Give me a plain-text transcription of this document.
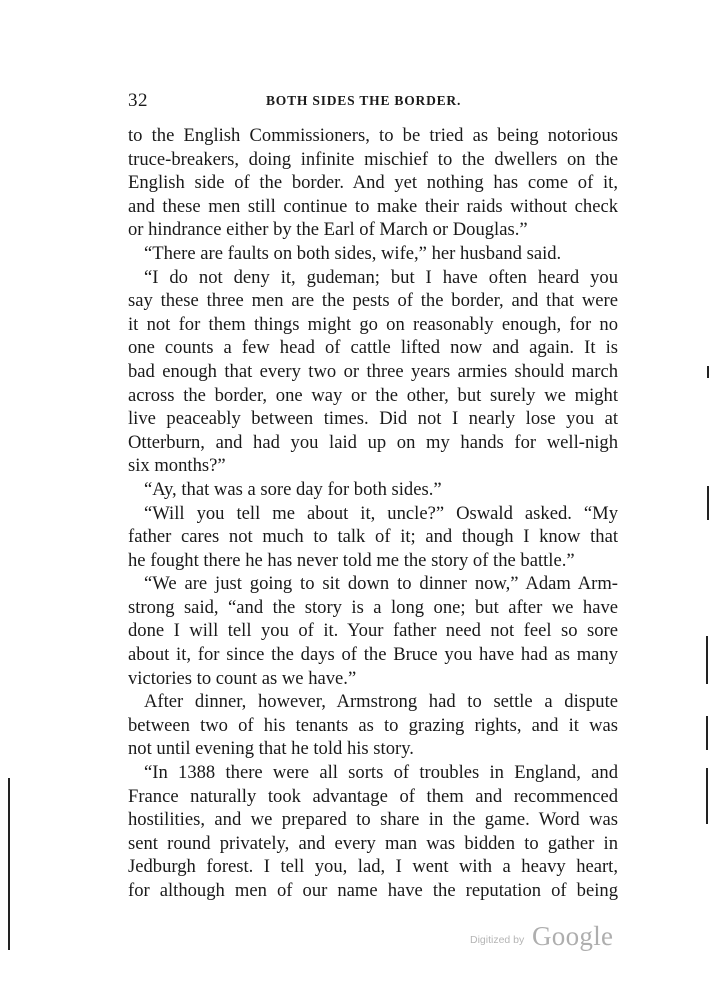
32	BOTH SIDES THE BORDER.
to the English Commissioners, to be tried as being notorious
truce-breakers, doing infinite mischief to the dwellers on the
English side of the border. And yet nothing has come of it,
and these men still continue to make their raids without check
or hindrance either by the Earl of March or Douglas.”
“There are faults on both sides, wife,” her husband said.
“I do not deny it, gudeman; but I have often heard you
say these three men are the pests of the border, and that were
it not for them things might go on reasonably enough, for no
one counts a few head of cattle lifted now and again. It is
bad enough that every two or three years armies should march
across the border, one way or the other, but surely we might
live peaceably between times. Did not I nearly lose you at
Otterburn, and had you laid up on my hands for well-nigh
six months?”
“Ay, that was a sore day for both sides.”
“Will you tell me about it, uncle?” Oswald asked. “My
father cares not much to talk of it; and though I know that
he fought there he has never told me the story of the battle.”
“We are just going to sit down to dinner now,” Adam Arm-
strong said, “and the story is a long one; but after we have
done I will tell you of it. Your father need not feel so sore
about it, for since the days of the Bruce you have had as many
victories to count as we have.”
After dinner, however, Armstrong had to settle a dispute
between two of his tenants as to grazing rights, and it was
not until evening that he told his story.
“In 1388 there were all sorts of troubles in England, and
France naturally took advantage of them and recommenced
hostilities, and we prepared to share in the game. Word was
sent round privately, and every man was bidden to gather in
Jedburgh forest. I tell you, lad, I went with a heavy heart,
for although men of our name have the reputation of being
Digitized by Google
